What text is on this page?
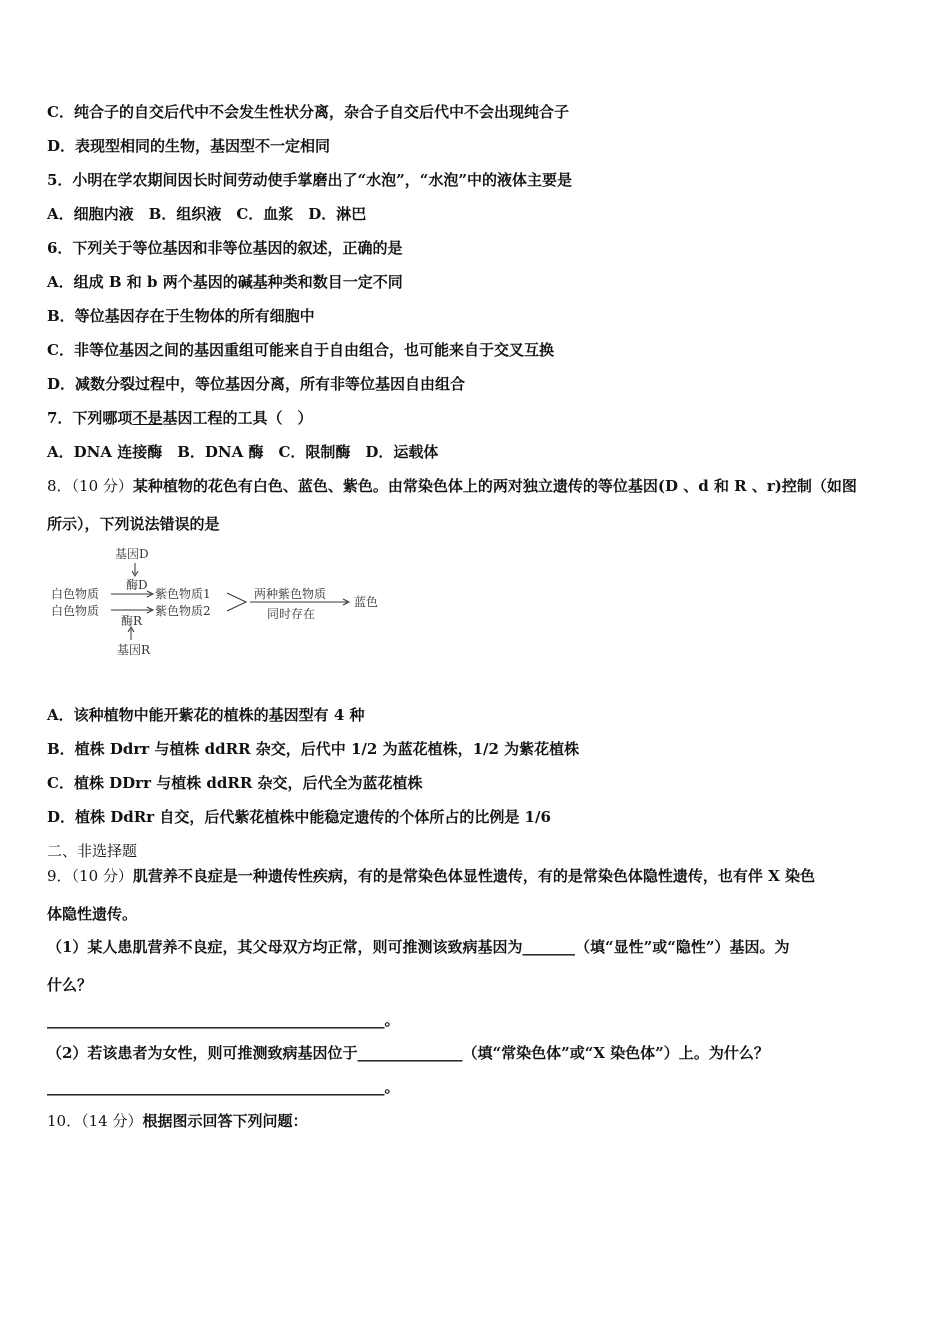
C．纯合子的自交后代中不会发生性状分离，杂合子自交后代中不会出现纯合子
D．表现型相同的生物，基因型不一定相同
5．小明在学农期间因长时间劳动使手掌磨出了“水泡”，“水泡”中的液体主要是
A．细胞内液　B．组织液　C．血浆　D．淋巴
6．下列关于等位基因和非等位基因的叙述，正确的是
A．组成 B 和 b 两个基因的碱基种类和数目一定不同
B．等位基因存在于生物体的所有细胞中
C．非等位基因之间的基因重组可能来自于自由组合，也可能来自于交叉互换
D．减数分裂过程中，等位基因分离，所有非等位基因自由组合
7．下列哪项不是基因工程的工具（　）
A．DNA 连接酶　B．DNA 酶　C．限制酶　D．运载体
8．（10 分）某种植物的花色有白色、蓝色、紫色。由常染色体上的两对独立遗传的等位基因(D 、d 和 R 、r)控制（如图
所示），下列说法错误的是
基因D
酶D
白色物质	紫色物质1
白色物质	紫色物质2
两种紫色物质
蓝色
同时存在
酶R
基因R
A．该种植物中能开紫花的植株的基因型有 4 种
B．植株 Ddrr 与植株 ddRR 杂交，后代中 1/2 为蓝花植株，1/2 为紫花植株
C．植株 DDrr 与植株 ddRR 杂交，后代全为蓝花植株
D．植株 DdRr 自交，后代紫花植株中能稳定遗传的个体所占的比例是 1/6
二、非选择题
9．（10 分）肌营养不良症是一种遗传性疾病，有的是常染色体显性遗传，有的是常染色体隐性遗传，也有伴 X 染色
体隐性遗传。
（1）某人患肌营养不良症，其父母双方均正常，则可推测该致病基因为_______（填“显性”或“隐性”）基因。为
什么？
_____________________________________________。
（2）若该患者为女性，则可推测致病基因位于______________（填“常染色体”或“X 染色体”）上。为什么？
_____________________________________________。
10．（14 分）根据图示回答下列问题：
